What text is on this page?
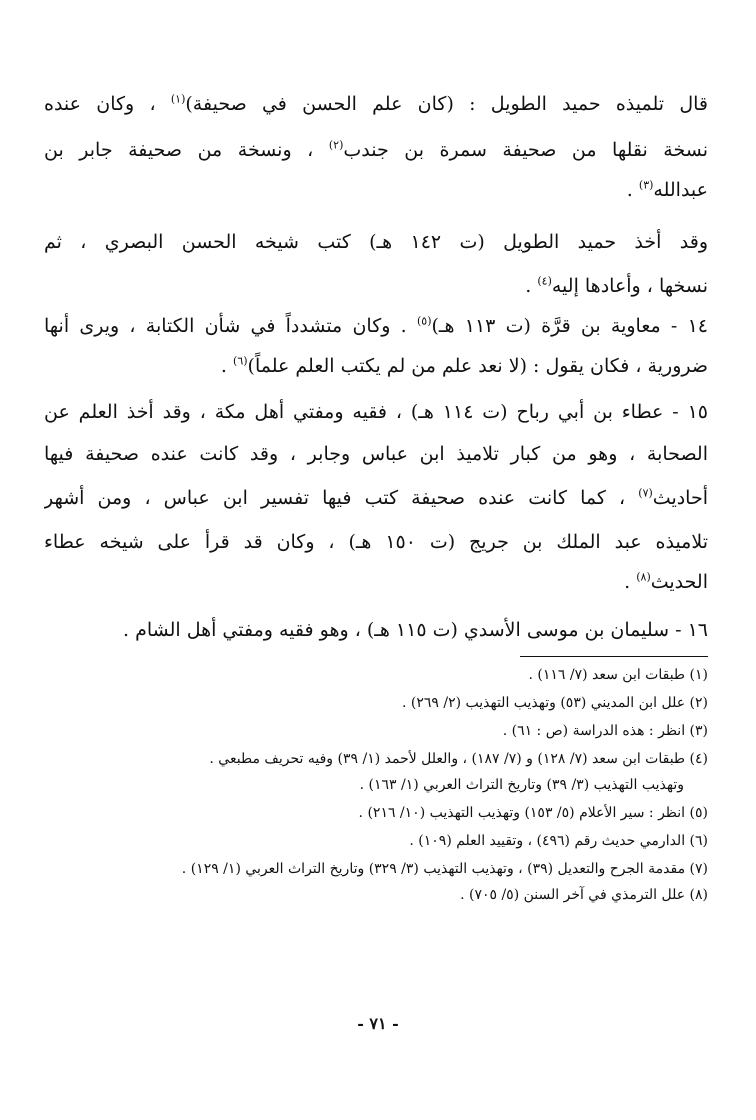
قال تلميذه حميد الطويل : (كان علم الحسن في صحيفة)$^{(١)}$ ، وكان عنده
نسخة نقلها من صحيفة سمرة بن جندب$^{(٢)}$ ، ونسخة من صحيفة جابر بن
عبدالله$^{(٣)}$ .
وقد أخذ حميد الطويل (ت ١٤٢ هـ) كتب شيخه الحسن البصري ، ثم
نسخها ، وأعادها إليه$^{(٤)}$ .
١٤ - معاوية بن قرَّة (ت ١١٣ هـ)$^{(٥)}$ . وكان متشدداً في شأن الكتابة ، ويرى أنها
ضرورية ، فكان يقول : (لا نعد علم من لم يكتب العلم علماً)$^{(٦)}$ .
١٥ - عطاء بن أبي رباح (ت ١١٤ هـ) ، فقيه ومفتي أهل مكة ، وقد أخذ العلم عن
الصحابة ، وهو من كبار تلاميذ ابن عباس وجابر ، وقد كانت عنده صحيفة فيها
أحاديث$^{(٧)}$ ، كما كانت عنده صحيفة كتب فيها تفسير ابن عباس ، ومن أشهر
تلاميذه عبد الملك بن جريج (ت ١٥٠ هـ) ، وكان قد قرأ على شيخه عطاء
الحديث$^{(٨)}$ .
١٦ - سليمان بن موسى الأسدي (ت ١١٥ هـ) ، وهو فقيه ومفتي أهل الشام .
(١) طبقات ابن سعد (٧/ ١١٦) .
(٢) علل ابن المديني (٥٣) وتهذيب التهذيب (٢/ ٢٦٩) .
(٣) انظر : هذه الدراسة (ص : ٦١) .
(٤) طبقات ابن سعد (٧/ ١٢٨) و (٧/ ١٨٧) ، والعلل لأحمد (١/ ٣٩) وفيه تحريف مطبعي .
وتهذيب التهذيب (٣/ ٣٩) وتاريخ التراث العربي (١/ ١٦٣) .
(٥) انظر : سير الأعلام (٥/ ١٥٣) وتهذيب التهذيب (١٠/ ٢١٦) .
(٦) الدارمي حديث رقم (٤٩٦) ، وتقييد العلم (١٠٩) .
(٧) مقدمة الجرح والتعديل (٣٩) ، وتهذيب التهذيب (٣/ ٣٢٩) وتاريخ التراث العربي (١/ ١٢٩) .
(٨) علل الترمذي في آخر السنن (٥/ ٧٠٥) .
- ٧١ -
